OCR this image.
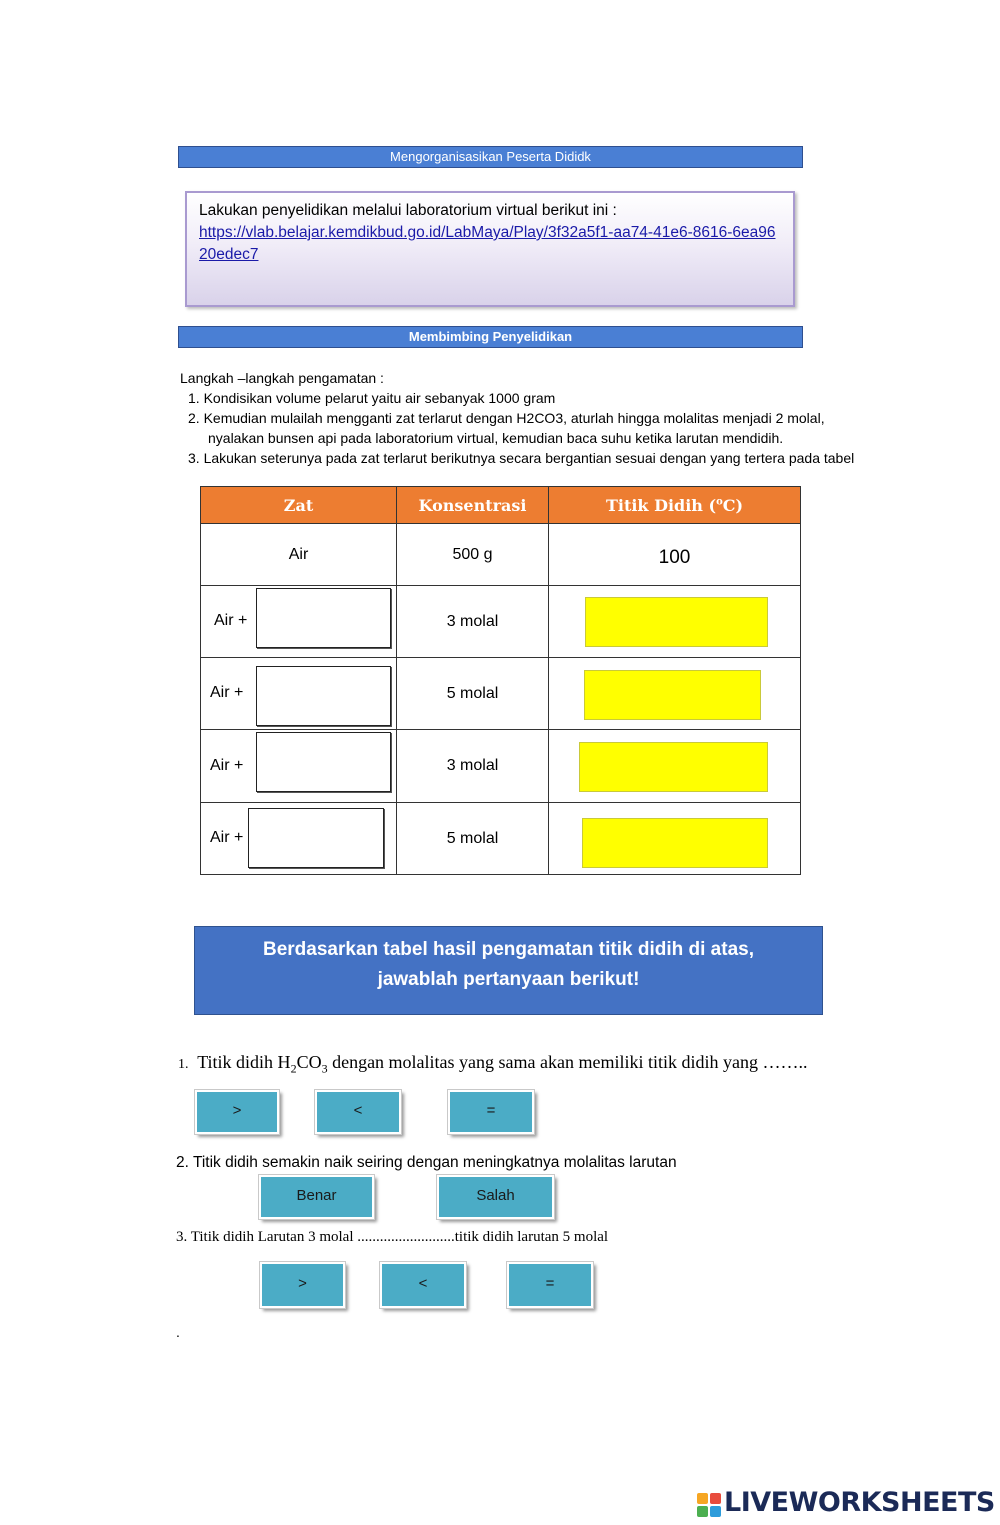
Mengorganisasikan Peserta Dididk
Lakukan penyelidikan melalui laboratorium virtual berikut ini :
https://vlab.belajar.kemdikbud.go.id/LabMaya/Play/3f32a5f1-aa74-41e6-8616-6ea9620edec7
Membimbing Penyelidikan
Langkah –langkah pengamatan :
1. Kondisikan volume pelarut yaitu air sebanyak 1000 gram
2. Kemudian mulailah mengganti zat terlarut dengan H2CO3, aturlah hingga molalitas menjadi 2 molal,
nyalakan bunsen api pada laboratorium virtual, kemudian baca suhu ketika larutan mendidih.
3. Lakukan seterunya pada zat terlarut berikutnya secara bergantian sesuai dengan yang tertera pada tabel
Zat	Konsentrasi	Titik Didih ($^o$C)
Air	500 g	100

Air +	3 molal	

Air +	5 molal	

Air +	3 molal	

Air +	5 molal	
Berdasarkan tabel hasil pengamatan titik didih di atas,
jawablah pertanyaan berikut!
1. Titik didih $H_2CO_3$ dengan molalitas yang sama akan memiliki titik didih yang ……..
>	<	=
2. Titik didih semakin naik seiring dengan meningkatnya molalitas larutan
Benar	Salah
3. Titik didih Larutan 3 molal ..........................titik didih larutan 5 molal
>	<	=
.
LIVEWORKSHEETS
